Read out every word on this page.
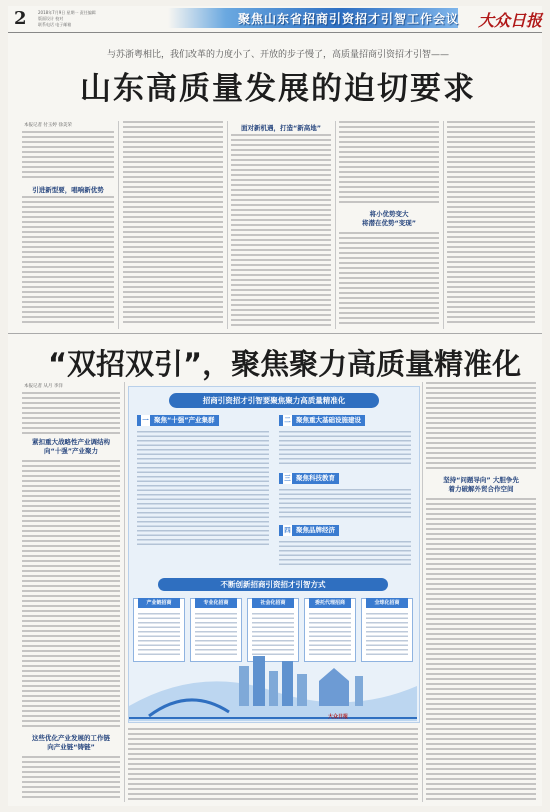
2	2018年7月9日 星期一 责任编辑
版面设计 校对
联系电话 电子邮箱	聚焦山东省招商引资招才引智工作会议 大众日报
与苏浙粤相比，我们改革的力度小了、开放的步子慢了，高质量招商引资招才引智——
山东高质量发展的迫切要求
本报记者 付玉婷 徐美荣
引进新型要，唱响新优势
面对新机遇，打造“新高地”
将小优势变大
将潜在优势“变现”
“双招双引”，聚焦聚力高质量精准化
本报记者 从月 李洋
紧扣重大战略性产业调结构
向“十强”产业聚力
这些优化产业发展的工作链
向产业链“铸链”
坚持“问题导向” 大胆争先
着力破解外贸合作空间
招商引资招才引智要聚焦聚力高质量精准化
一 聚焦“十强”产业集群	二 聚焦重大基础设施建设
三 聚焦科技教育
四 聚焦品牌经济
不断创新招商引资招才引智方式
产业链招商	专业化招商	社会化招商	委托代理招商	全球化招商
大众日报
